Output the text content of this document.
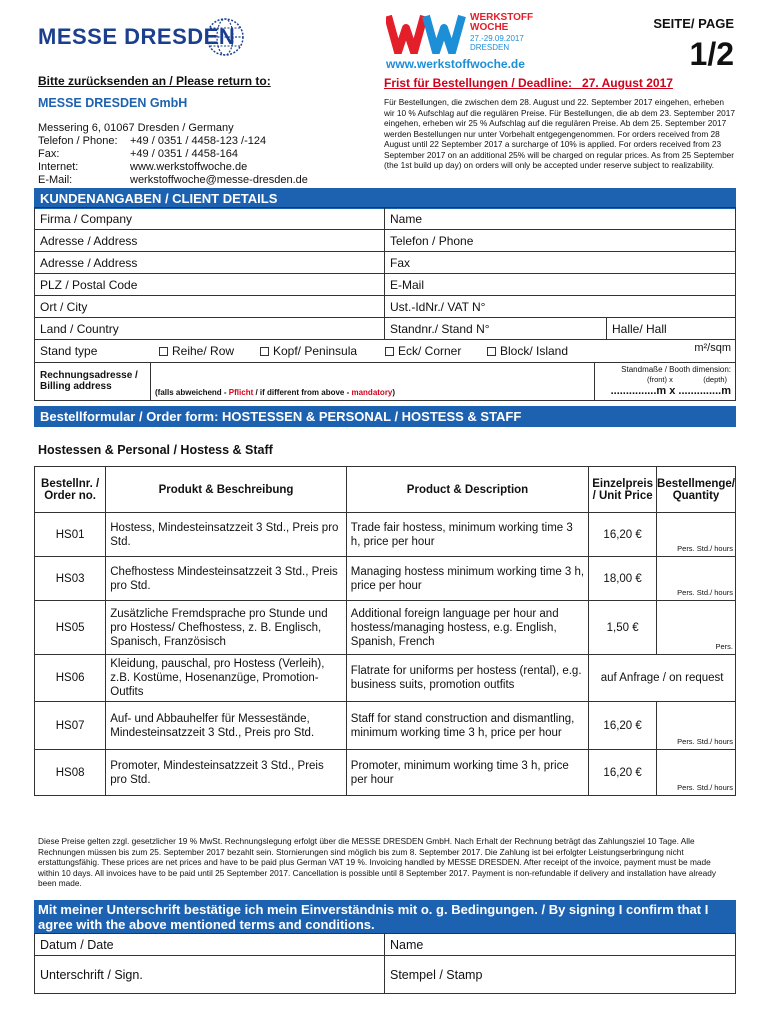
MESSE DRESDEN
WERKSTOFF WOCHE
27.-29.09.2017
DRESDEN
www.werkstoffwoche.de
SEITE/ PAGE
1/2
Bitte zurücksenden an / Please return to:
MESSE DRESDEN GmbH
Messering 6, 01067 Dresden / Germany
Telefon / Phone:	+49 / 0351 / 4458-123 /-124
Fax:	+49 / 0351 / 4458-164
Internet:	www.werkstoffwoche.de
E-Mail:	werkstoffwoche@messe-dresden.de
Frist für Bestellungen / Deadline:   27. August 2017
Für Bestellungen, die zwischen dem 28. August und 22. September 2017 eingehen, erheben wir 10 % Aufschlag auf die regulären Preise. Für Bestellungen, die ab dem 23. September 2017 eingehen, erheben wir 25 % Aufschlag auf die regulären Preise. Ab dem 25. September 2017 werden Bestellungen nur unter Vorbehalt entgegengenommen. For orders received from 28 August until 22 September 2017 a surcharge of 10% is applied. For orders received from 23 September 2017 on an additional 25% will be charged on regular prices. As from 25 September (the 1st build up day) on orders will only be accepted under reserve subject to realizability.
KUNDENANGABEN / CLIENT DETAILS
Firma / Company	Name	
Adresse / Address	Telefon / Phone	
Adresse / Address	Fax	
PLZ / Postal Code	E-Mail	
Ort / City	Ust.-IdNr./ VAT N°	
Land / Country	Standnr./ Stand N°	Halle/ Hall
Stand type	Reihe/ Row	Kopf/ Peninsula	Eck/ Corner	Block/ Island	m²/sqm
Rechnungsadresse / Billing address
(falls abweichend - Pflicht / if different from above - mandatory)
Standmaße / Booth dimension:
(front) x	(depth)
...............m x ..............m
Bestellformular / Order form: HOSTESSEN & PERSONAL / HOSTESS & STAFF
Hostessen & Personal / Hostess & Staff
Bestellnr. / Order no.	Produkt & Beschreibung	Product & Description	Einzelpreis / Unit Price	Bestellmenge/ Quantity
HS01	Hostess, Mindesteinsatzzeit 3 Std., Preis pro Std.	Trade fair hostess, minimum working time 3 h, price per hour	16,20 €	Pers. Std./ hours

HS03	Chefhostess Mindesteinsatzzeit 3 Std., Preis pro Std.	Managing hostess minimum working time 3 h, price per hour	18,00 €	Pers. Std./ hours

HS05	Zusätzliche Fremdsprache pro Stunde und pro Hostess/ Chefhostess, z. B. Englisch, Spanisch, Französisch	Additional foreign language per hour and hostess/managing hostess, e.g. English, Spanish, French	1,50 €	Pers.

HS06	Kleidung, pauschal, pro Hostess (Verleih), z.B. Kostüme, Hosenanzüge, Promotion-Outfits	Flatrate for uniforms per hostess (rental), e.g. business suits, promotion outfits	auf Anfrage / on request	
HS07	Auf- und Abbauhelfer für Messestände, Mindesteinsatzzeit 3 Std., Preis pro Std.	Staff for stand construction and dismantling, minimum working time 3 h, price per hour	16,20 €	Pers. Std./ hours

HS08	Promoter, Mindesteinsatzzeit 3 Std., Preis pro Std.	Promoter, minimum working time 3 h, price per hour	16,20 €	Pers. Std./ hours
Diese Preise gelten zzgl. gesetzlicher 19 % MwSt. Rechnungslegung erfolgt über die MESSE DRESDEN GmbH. Nach Erhalt der Rechnung beträgt das Zahlungsziel 10 Tage. Alle Rechnungen müssen bis zum 25. September 2017 bezahlt sein. Stornierungen sind möglich bis zum 8. September 2017. Die Zahlung ist bei erfolgter Leistungserbringung nicht erstattungsfähig. These prices are net prices and have to be paid plus German VAT 19 %. Invoicing handled by MESSE DRESDEN. After receipt of the invoice, payment must be made within 10 days. All invoices have to be paid until 25 September 2017. Cancellation is possible until 8 September 2017. Payment is non-refundable if delivery and installation have already been made.
Mit meiner Unterschrift bestätige ich mein Einverständnis mit o. g. Bedingungen. / By signing I confirm that I agree with the above mentioned terms and conditions.
Datum / Date	Name
Unterschrift / Sign.	Stempel / Stamp
